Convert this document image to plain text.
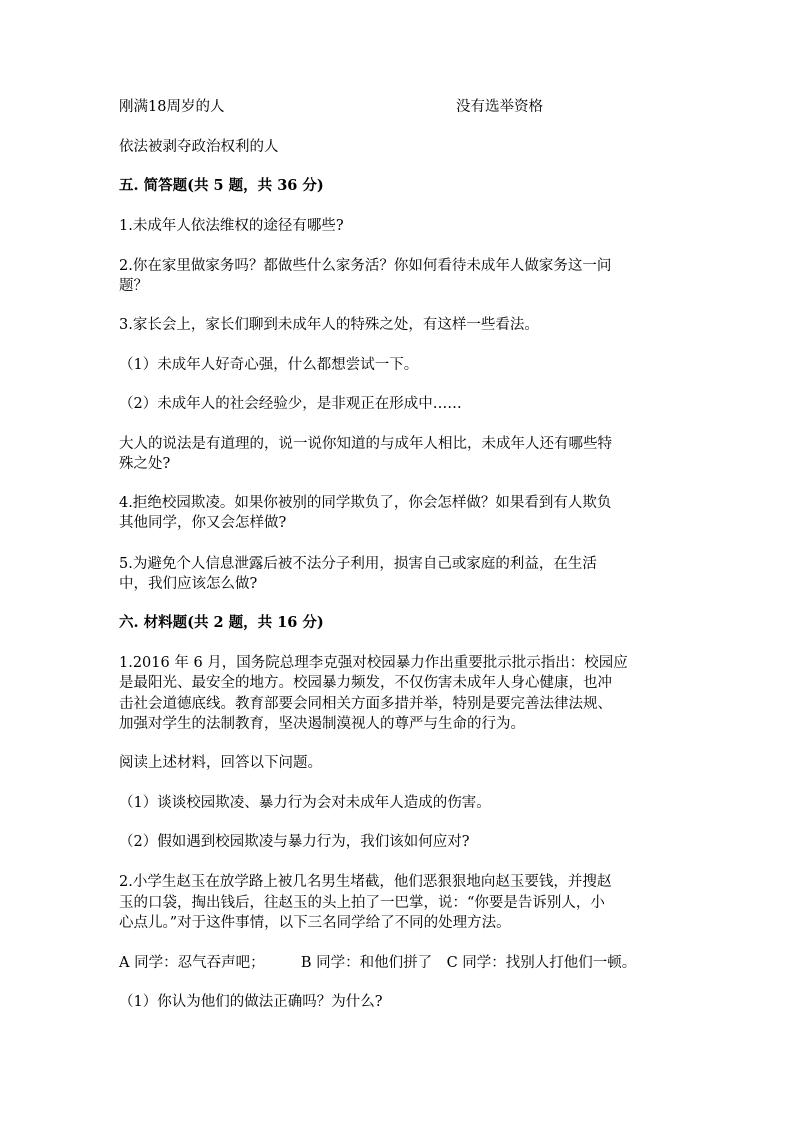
刚满18周岁的人	没有选举资格
依法被剥夺政治权利的人
五. 简答题(共 5 题，共 36 分)
1.未成年人依法维权的途径有哪些?
2.你在家里做家务吗？都做些什么家务活？你如何看待未成年人做家务这一问
题？
3.家长会上，家长们聊到未成年人的特殊之处，有这样一些看法。
（1）未成年人好奇心强，什么都想尝试一下。
（2）未成年人的社会经验少，是非观正在形成中……
大人的说法是有道理的，说一说你知道的与成年人相比，未成年人还有哪些特
殊之处?
4.拒绝校园欺凌。如果你被别的同学欺负了，你会怎样做？如果看到有人欺负
其他同学，你又会怎样做?
5.为避免个人信息泄露后被不法分子利用，损害自己或家庭的利益，在生活
中，我们应该怎么做?
六. 材料题(共 2 题，共 16 分)
1.2016 年 6 月，国务院总理李克强对校园暴力作出重要批示批示指出：校园应
是最阳光、最安全的地方。校园暴力频发，不仅伤害未成年人身心健康，也冲
击社会道德底线。教育部要会同相关方面多措并举，特别是要完善法律法规、
加强对学生的法制教育，坚决遏制漠视人的尊严与生命的行为。
阅读上述材料，回答以下问题。
（1）谈谈校园欺凌、暴力行为会对未成年人造成的伤害。
（2）假如遇到校园欺凌与暴力行为，我们该如何应对?
2.小学生赵玉在放学路上被几名男生堵截，他们恶狠狠地向赵玉要钱，并搜赵
玉的口袋，掏出钱后，往赵玉的头上拍了一巴掌，说：“你要是告诉别人，小
心点儿。”对于这件事情，以下三名同学给了不同的处理方法。
A 同学：忍气吞声吧；　　　B 同学：和他们拼了　C 同学：找别人打他们一顿。
（1）你认为他们的做法正确吗？为什么?
